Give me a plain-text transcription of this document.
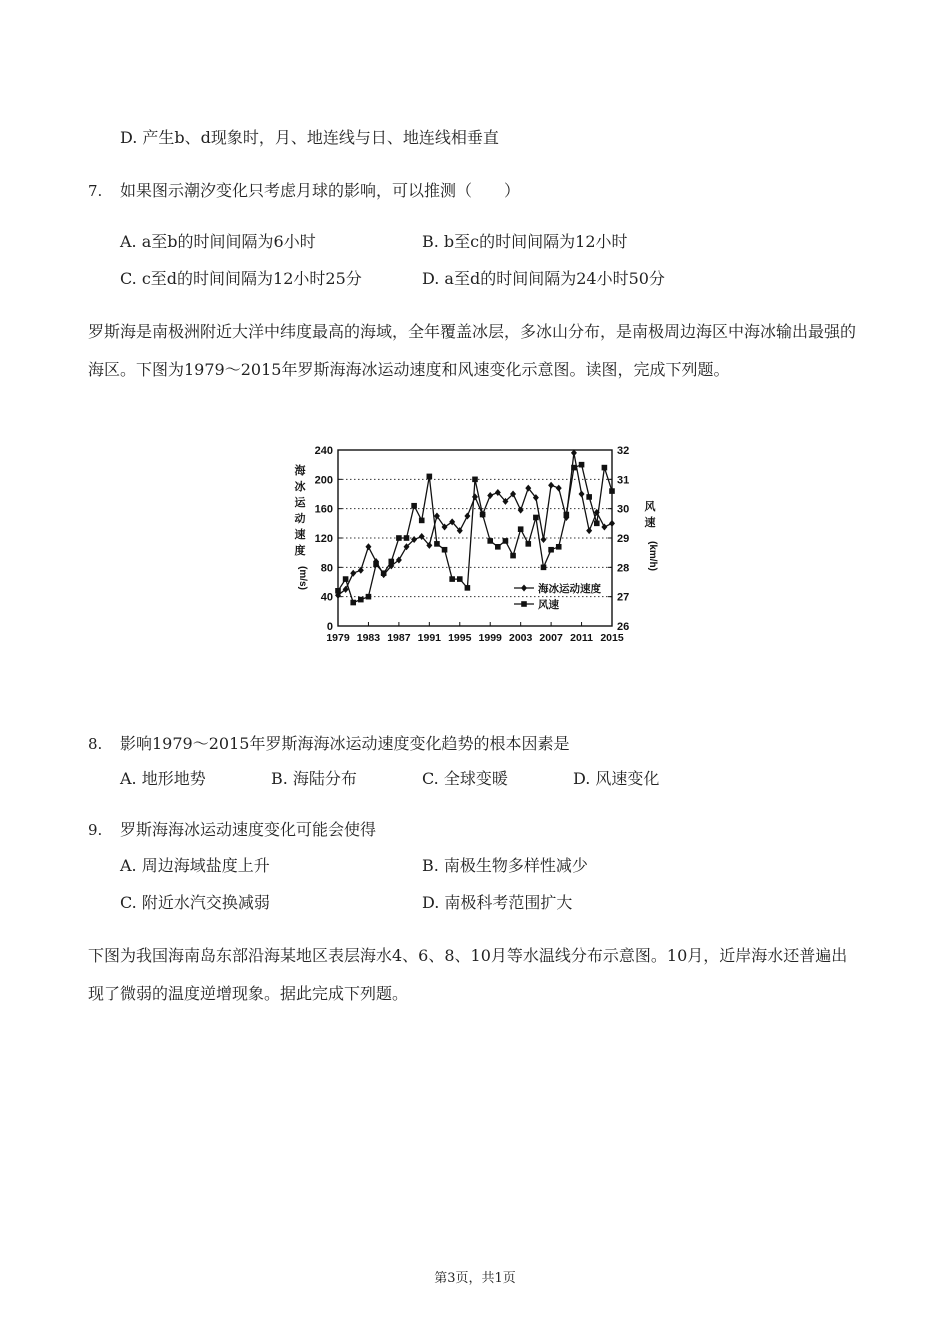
D. 产生b、d现象时，月、地连线与日、地连线相垂直
7. 如果图示潮汐变化只考虑月球的影响，可以推测（　　）
A. a至b的时间间隔为6小时	B. b至c的时间间隔为12小时
C. c至d的时间间隔为12小时25分	D. a至d的时间间隔为24小时50分
罗斯海是南极洲附近大洋中纬度最高的海域，全年覆盖冰层，多冰山分布，是南极周边海区中海冰输出最强的海区。下图为1979～2015年罗斯海海冰运动速度和风速变化示意图。读图，完成下列题。
240
200
160
120
80
40
0
32
31
30
29
28
27
26
1979 1983 1987 1991 1995 1999 2003 2007 2011 2015
海
冰
运
动
速
度
(m/s)
风
速
(km/h)
海冰运动速度
风速
8. 影响1979～2015年罗斯海海冰运动速度变化趋势的根本因素是
A. 地形地势	B. 海陆分布	C. 全球变暖	D. 风速变化
9. 罗斯海海冰运动速度变化可能会使得
A. 周边海域盐度上升	B. 南极生物多样性减少
C. 附近水汽交换减弱	D. 南极科考范围扩大
下图为我国海南岛东部沿海某地区表层海水4、6、8、10月等水温线分布示意图。10月，近岸海水还普遍出现了微弱的温度逆增现象。据此完成下列题。
第3页，共1页
